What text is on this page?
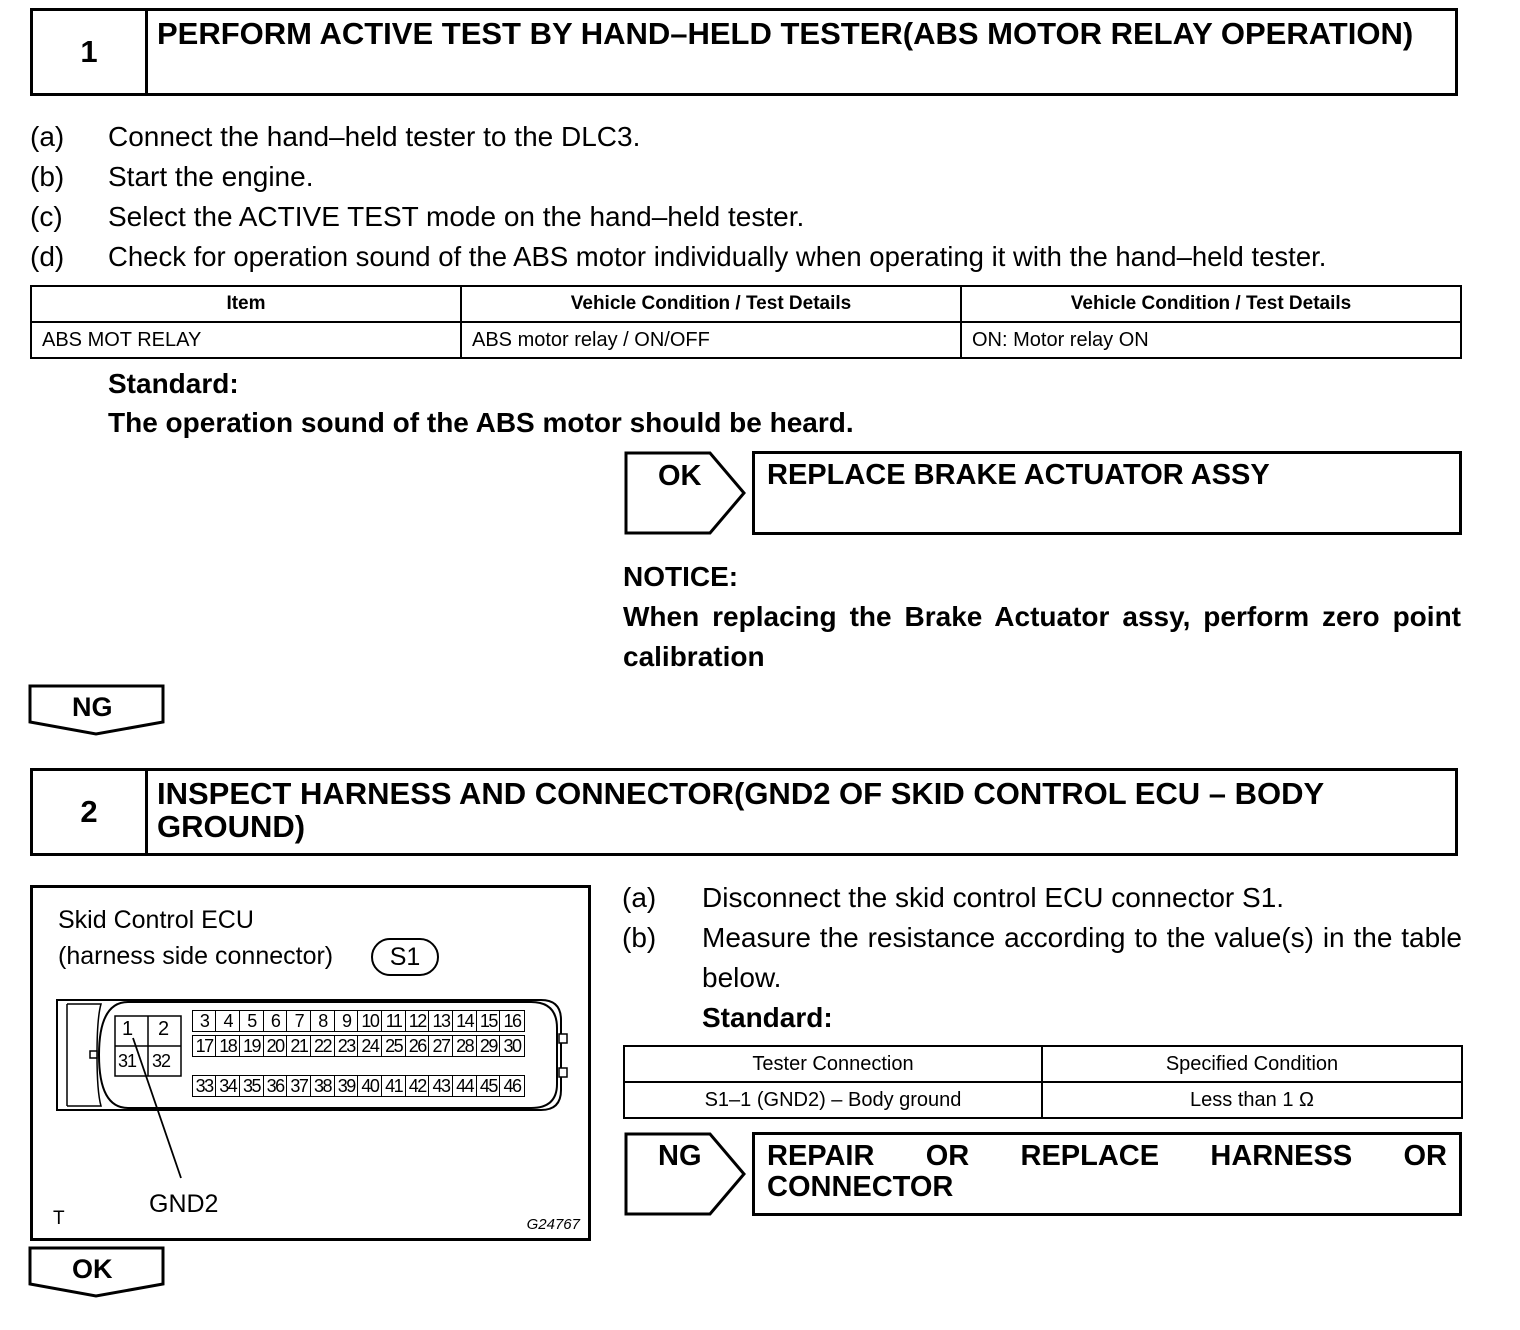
1
PERFORM ACTIVE TEST BY HAND–HELD TESTER(ABS MOTOR RELAY OPERATION)
(a) Connect the hand–held tester to the DLC3.
(b) Start the engine.
(c) Select the ACTIVE TEST mode on the hand–held tester.
(d) Check for operation sound of the ABS motor individually when operating it with the hand–held tester.
Item	Vehicle Condition / Test Details	Vehicle Condition / Test Details
ABS MOT RELAY	ABS motor relay / ON/OFF	ON: Motor relay ON
Standard:
The operation sound of the ABS motor should be heard.
OK	REPLACE BRAKE ACTUATOR ASSY
NOTICE:
When replacing the Brake Actuator assy, perform zero point calibration
NG
2
INSPECT HARNESS AND CONNECTOR(GND2 OF SKID CONTROL ECU – BODY GROUND)
Skid Control ECU
(harness side connector) S1
1 2
31 32
3 4 5 6 7 8 9 10 11 12 13 14 15 16
17 18 19 20 21 22 23 24 25 26 27 28 29 30
33 34 35 36 37 38 39 40 41 42 43 44 45 46
GND2
T	G24767
(a) Disconnect the skid control ECU connector S1.
(b) Measure the resistance according to the value(s) in the table below.
Standard:
Tester Connection	Specified Condition
S1–1 (GND2) – Body ground	Less than 1 Ω
NG REPAIR OR REPLACE HARNESS OR CONNECTOR
OK
